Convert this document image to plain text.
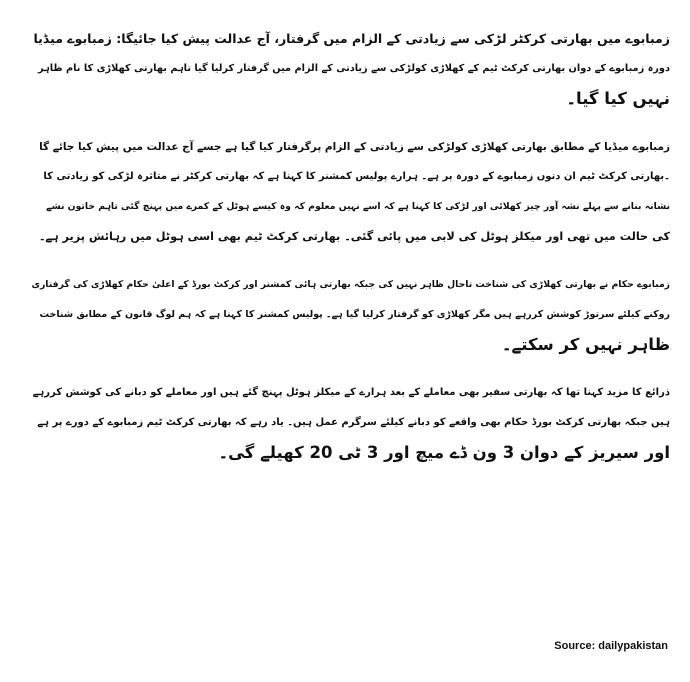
زمبابوے میں بھارتی کرکٹر لڑکی سے زیادتی کے الزام میں گرفتار، آج عدالت پیش کیا جائیگا: زمبابوے میڈیا
دورہ زمبابوے کے دوان بھارتی کرکٹ ٹیم کے کھلاڑی کولڑکی سے زیادتی کے الزام میں گرفتار کرلیا گیا تاہم بھارتی کھلاڑی کا نام ظاہر
نہیں کیا گیا۔

زمبابوے میڈیا کے مطابق بھارتی کھلاڑی کولڑکی سے زیادتی کے الزام پرگرفتار کیا گیا ہے جسے آج عدالت میں پیش کیا جائے گا
۔بھارتی کرکٹ ٹیم ان دنوں زمبابوے کے دورہ پر ہے۔ ہرارے پولیس کمشنر کا کہنا ہے کہ بھارتی کرکٹر نے متاثرہ لڑکی کو زیادتی کا
نشانہ بنانے سے پہلے نشہ آور چیز کھلائی اور لڑکی کا کہنا ہے کہ اسے نہیں معلوم کہ وہ کیسے ہوٹل کے کمرے میں پہنچ گئی تاہم خاتون نشے
کی حالت میں تھی اور میکلز ہوٹل کی لابی میں پائی گئی۔ بھارتی کرکٹ ٹیم بھی اسی ہوٹل میں رہائش پزیر ہے۔

زمبابوے حکام نے بھارتی کھلاڑی کی شناخت تاحال ظاہر نہیں کی جبکہ بھارتی ہائی کمشنر اور کرکٹ بورڈ کے اعلیٰ حکام کھلاڑی کی گرفتاری
روکنے کیلئے سرتوڑ کوشش کررہے ہیں مگر کھلاڑی کو گرفتار کرلیا گیا ہے۔ پولیس کمشنر کا کہنا ہے کہ ہم لوگ قانون کے مطابق شناخت
ظاہر نہیں کر سکتے۔

ذرائع کا مزید کہنا تھا کہ بھارتی سفیر بھی معاملے کے بعد ہرارے کے میکلز ہوٹل پہنچ گئے ہیں اور معاملے کو دبانے کی کوشش کررہے
ہیں جبکہ بھارتی کرکٹ بورڈ حکام بھی واقعے کو دبانے کیلئے سرگرم عمل ہیں۔ یاد رہے کہ بھارتی کرکٹ ٹیم زمبابوے کے دورے پر ہے
اور سیریز کے دوان 3 ون ڈے میچ اور 3 ٹی 20 کھیلے گی۔

Source: dailypakistan
